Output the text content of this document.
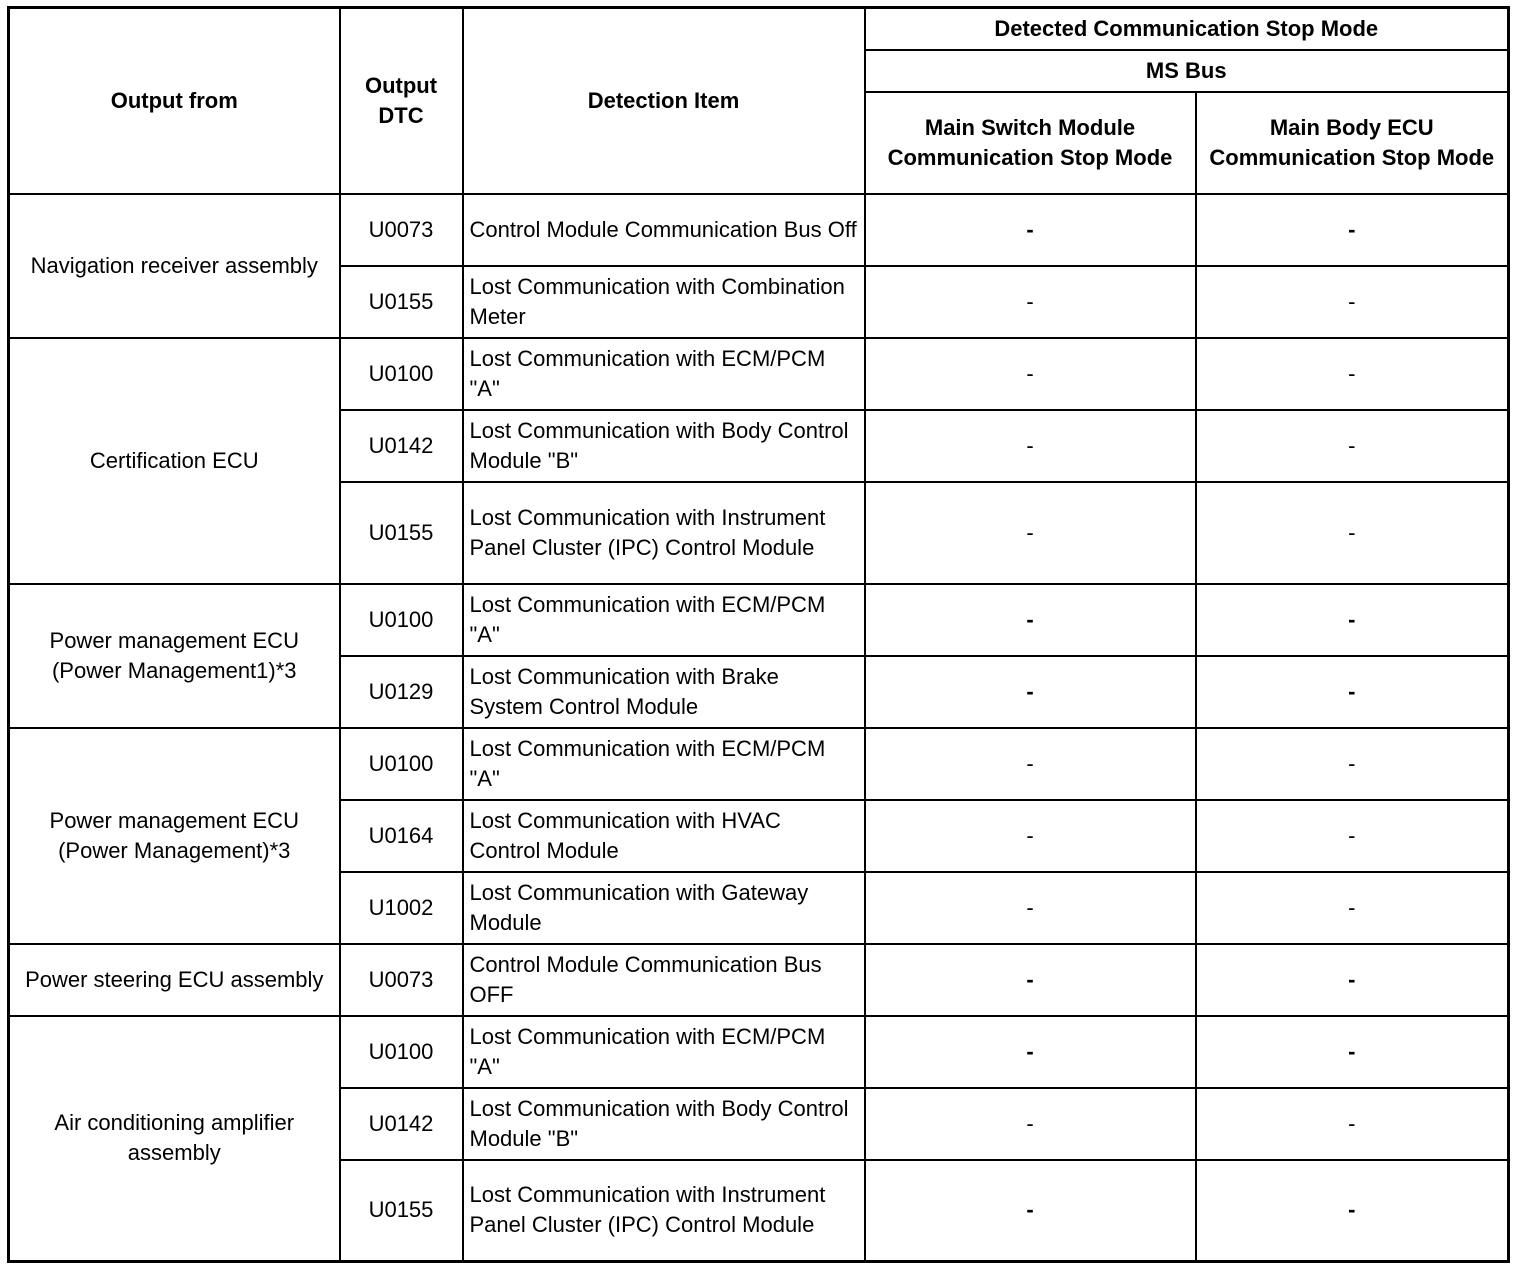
Output from	Output DTC	Detection Item	Detected Communication Stop Mode	
			MS Bus	
			Main Switch Module Communication Stop Mode	Main Body ECU Communication Stop Mode
Navigation receiver assembly	U0073	Control Module Communication Bus Off	-	-
	U0155	Lost Communication with Combination Meter	-	-
Certification ECU	U0100	Lost Communication with ECM/PCM "A"	-	-
	U0142	Lost Communication with Body Control Module "B"	-	-
	U0155	Lost Communication with Instrument Panel Cluster (IPC) Control Module	-	-
Power management ECU (Power Management1)*3	U0100	Lost Communication with ECM/PCM "A"	-	-
	U0129	Lost Communication with Brake System Control Module	-	-
Power management ECU (Power Management)*3	U0100	Lost Communication with ECM/PCM "A"	-	-
	U0164	Lost Communication with HVAC Control Module	-	-
	U1002	Lost Communication with Gateway Module	-	-
Power steering ECU assembly	U0073	Control Module Communication Bus OFF	-	-
Air conditioning amplifier assembly	U0100	Lost Communication with ECM/PCM "A"	-	-
	U0142	Lost Communication with Body Control Module "B"	-	-
	U0155	Lost Communication with Instrument Panel Cluster (IPC) Control Module	-	-
